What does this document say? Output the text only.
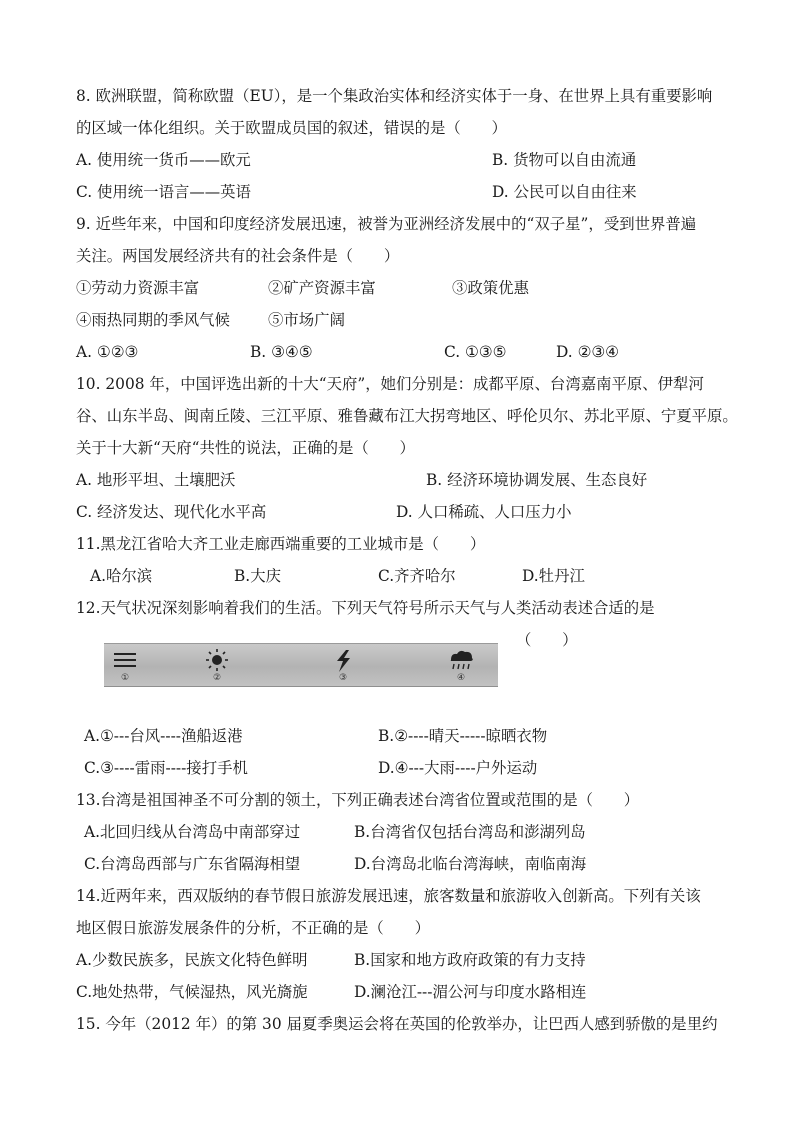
8. 欧洲联盟，简称欧盟（EU），是一个集政治实体和经济实体于一身、在世界上具有重要影响
的区域一体化组织。关于欧盟成员国的叙述，错误的是（　　）
A. 使用统一货币——欧元	B. 货物可以自由流通
C. 使用统一语言——英语	D. 公民可以自由往来
9. 近些年来，中国和印度经济发展迅速，被誉为亚洲经济发展中的“双子星”，受到世界普遍
关注。两国发展经济共有的社会条件是（　　）
①劳动力资源丰富	②矿产资源丰富	③政策优惠
④雨热同期的季风气候 ⑤市场广阔
A. ①②③	B. ③④⑤	C. ①③⑤	D. ②③④
10. 2008 年，中国评选出新的十大“天府”，她们分别是：成都平原、台湾嘉南平原、伊犁河
谷、山东半岛、闽南丘陵、三江平原、雅鲁藏布江大拐弯地区、呼伦贝尔、苏北平原、宁夏平原。
关于十大新“天府“共性的说法，正确的是（　　）
A. 地形平坦、土壤肥沃	B. 经济环境协调发展、生态良好
C. 经济发达、现代化水平高	D. 人口稀疏、人口压力小
11.黑龙江省哈大齐工业走廊西端重要的工业城市是（　　）
A.哈尔滨	B.大庆	C.齐齐哈尔	D.牡丹江
12.天气状况深刻影响着我们的生活。下列天气符号所示天气与人类活动表述合适的是
（　　）
①	②	③	④
A.①---台风----渔船返港	B.②----晴天-----晾晒衣物
C.③----雷雨----接打手机	D.④---大雨----户外运动
13.台湾是祖国神圣不可分割的领土，下列正确表述台湾省位置或范围的是（　　）
A.北回归线从台湾岛中南部穿过	B.台湾省仅包括台湾岛和澎湖列岛
C.台湾岛西部与广东省隔海相望	D.台湾岛北临台湾海峡，南临南海
14.近两年来，西双版纳的春节假日旅游发展迅速，旅客数量和旅游收入创新高。下列有关该
地区假日旅游发展条件的分析，不正确的是（　　）
A.少数民族多，民族文化特色鲜明	B.国家和地方政府政策的有力支持
C.地处热带，气候湿热，风光旖旎	D.澜沧江---湄公河与印度水路相连
15. 今年（2012 年）的第 30 届夏季奥运会将在英国的伦敦举办，让巴西人感到骄傲的是里约
